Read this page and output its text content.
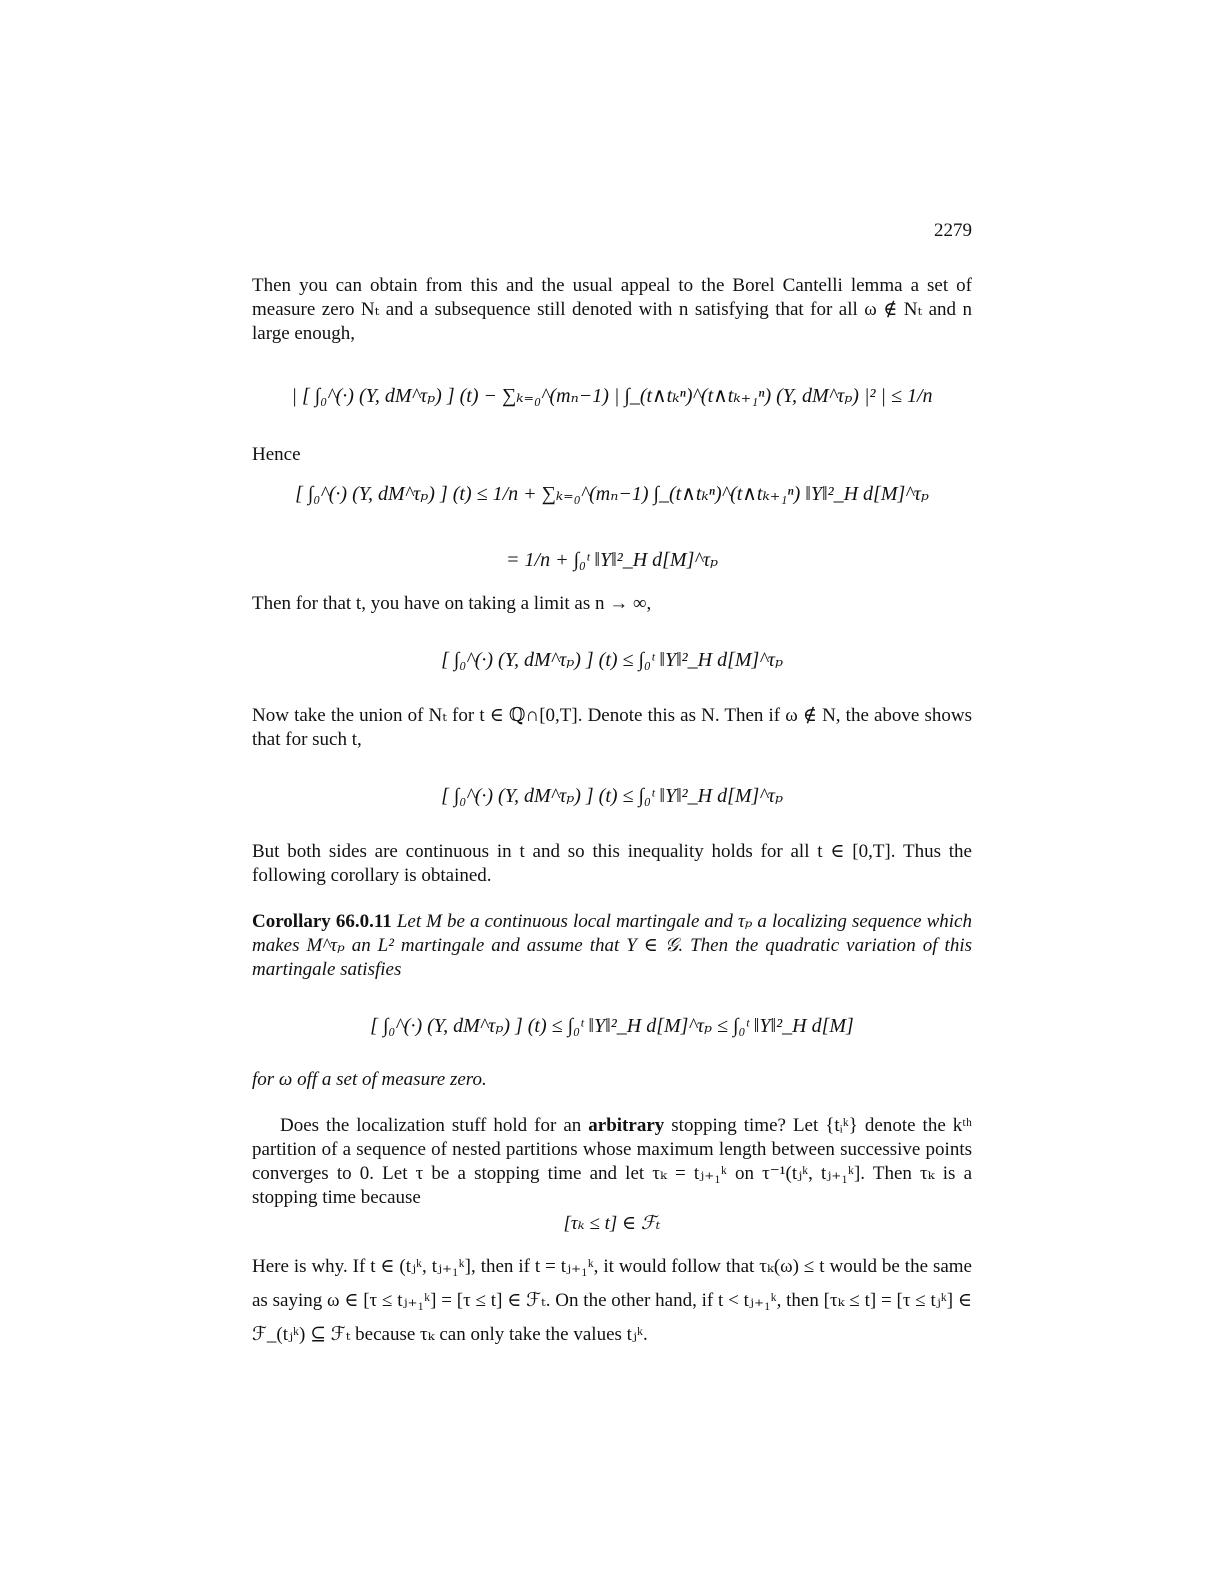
2279
Then you can obtain from this and the usual appeal to the Borel Cantelli lemma a set of measure zero Nₜ and a subsequence still denoted with n satisfying that for all ω ∉ Nₜ and n large enough,
| [ ∫₀^(·) (Y, dM^τₚ) ] (t) − ∑ₖ₌₀^(mₙ−1) | ∫_(t∧tₖⁿ)^(t∧tₖ₊₁ⁿ) (Y, dM^τₚ) |² | ≤ 1/n
Hence
[ ∫₀^(·) (Y, dM^τₚ) ] (t) ≤ 1/n + ∑ₖ₌₀^(mₙ−1) ∫_(t∧tₖⁿ)^(t∧tₖ₊₁ⁿ) ‖Y‖²_H d[M]^τₚ
= 1/n + ∫₀ᵗ ‖Y‖²_H d[M]^τₚ
Then for that t, you have on taking a limit as n → ∞,
[ ∫₀^(·) (Y, dM^τₚ) ] (t) ≤ ∫₀ᵗ ‖Y‖²_H d[M]^τₚ
Now take the union of Nₜ for t ∈ ℚ∩[0,T]. Denote this as N. Then if ω ∉ N, the above shows that for such t,
[ ∫₀^(·) (Y, dM^τₚ) ] (t) ≤ ∫₀ᵗ ‖Y‖²_H d[M]^τₚ
But both sides are continuous in t and so this inequality holds for all t ∈ [0,T]. Thus the following corollary is obtained.
Corollary 66.0.11 Let M be a continuous local martingale and τₚ a localizing sequence which makes M^τₚ an L² martingale and assume that Y ∈ 𝒢. Then the quadratic variation of this martingale satisfies
[ ∫₀^(·) (Y, dM^τₚ) ] (t) ≤ ∫₀ᵗ ‖Y‖²_H d[M]^τₚ ≤ ∫₀ᵗ ‖Y‖²_H d[M]
for ω off a set of measure zero.
Does the localization stuff hold for an arbitrary stopping time? Let {tᵢᵏ} denote the kᵗʰ partition of a sequence of nested partitions whose maximum length between successive points converges to 0. Let τ be a stopping time and let τₖ = tⱼ₊₁ᵏ on τ⁻¹(tⱼᵏ, tⱼ₊₁ᵏ]. Then τₖ is a stopping time because
[τₖ ≤ t] ∈ ℱₜ
Here is why. If t ∈ (tⱼᵏ, tⱼ₊₁ᵏ], then if t = tⱼ₊₁ᵏ, it would follow that τₖ(ω) ≤ t would be the same as saying ω ∈ [τ ≤ tⱼ₊₁ᵏ] = [τ ≤ t] ∈ ℱₜ. On the other hand, if t < tⱼ₊₁ᵏ, then [τₖ ≤ t] = [τ ≤ tⱼᵏ] ∈ ℱ_(tⱼᵏ) ⊆ ℱₜ because τₖ can only take the values tⱼᵏ.
